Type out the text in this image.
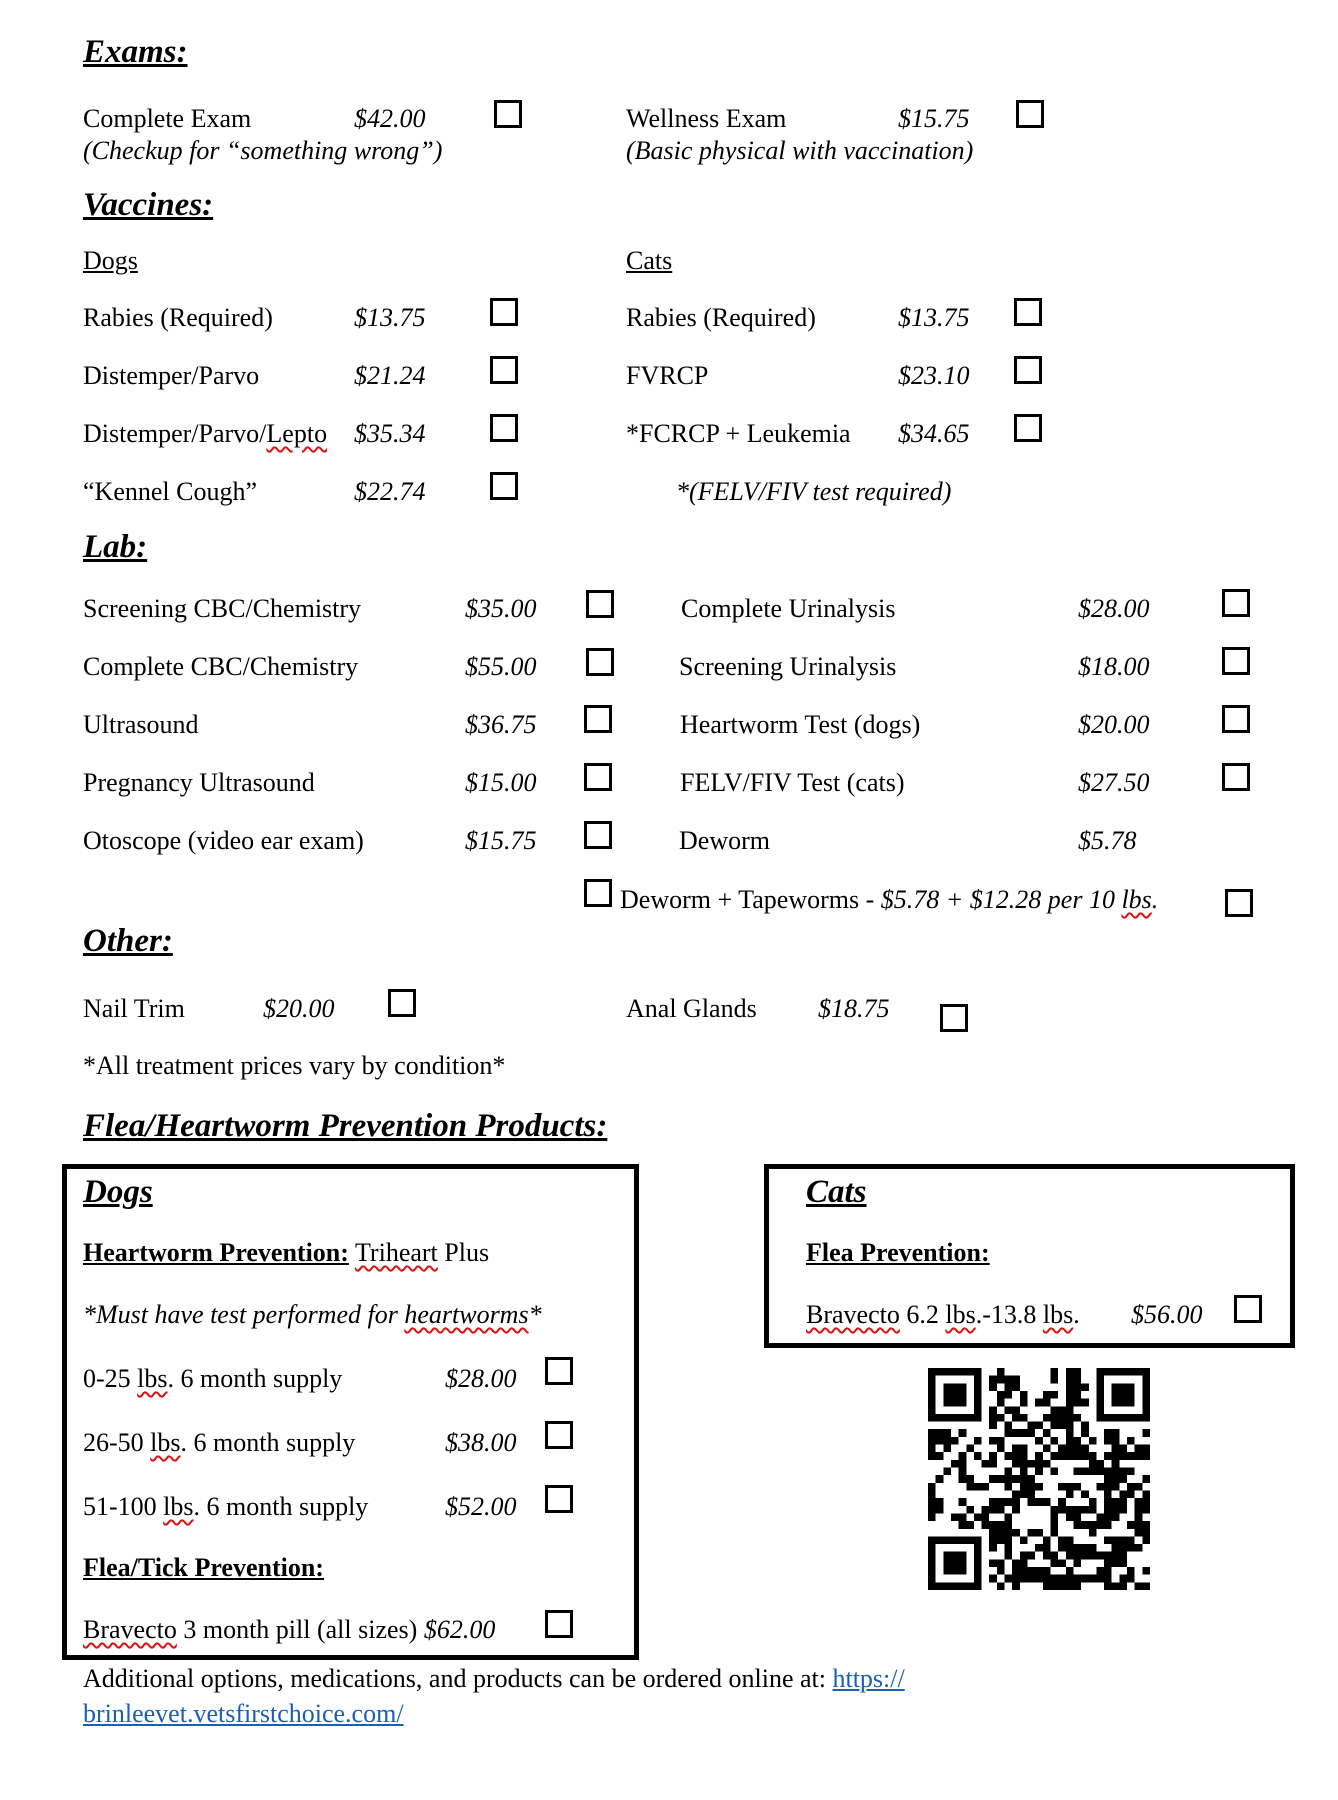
Exams:
Complete Exam	$42.00
(Checkup for “something wrong”)
Wellness Exam	$15.75
(Basic physical with vaccination)
Vaccines:
Dogs	Cats
Rabies (Required)	$13.75
Distemper/Parvo	$21.24
Distemper/Parvo/Lepto $35.34
“Kennel Cough”	$22.74
Rabies (Required)	$13.75
FVRCP	$23.10
*FCRCP + Leukemia $34.65
*(FELV/FIV test required)
Lab:
Screening CBC/Chemistry	$35.00
Complete CBC/Chemistry	$55.00
Ultrasound	$36.75
Pregnancy Ultrasound	$15.00
Otoscope (video ear exam)	$15.75
Complete Urinalysis	$28.00
Screening Urinalysis	$18.00
Heartworm Test (dogs)	$20.00
FELV/FIV Test (cats)	$27.50
Deworm	$5.78
Deworm + Tapeworms - $5.78 + $12.28 per 10 lbs.
Other:
Nail Trim	$20.00	Anal Glands $18.75
*All treatment prices vary by condition*
Flea/Heartworm Prevention Products:
Dogs
Heartworm Prevention: Triheart Plus
*Must have test performed for heartworms*
0-25 lbs. 6 month supply	$28.00
26-50 lbs. 6 month supply	$38.00
51-100 lbs. 6 month supply	$52.00
Flea/Tick Prevention:
Bravecto 3 month pill (all sizes) $62.00
Cats
Flea Prevention:
Bravecto 6.2 lbs.-13.8 lbs. $56.00
Additional options, medications, and products can be ordered online at: https://
brinleevet.vetsfirstchoice.com/
